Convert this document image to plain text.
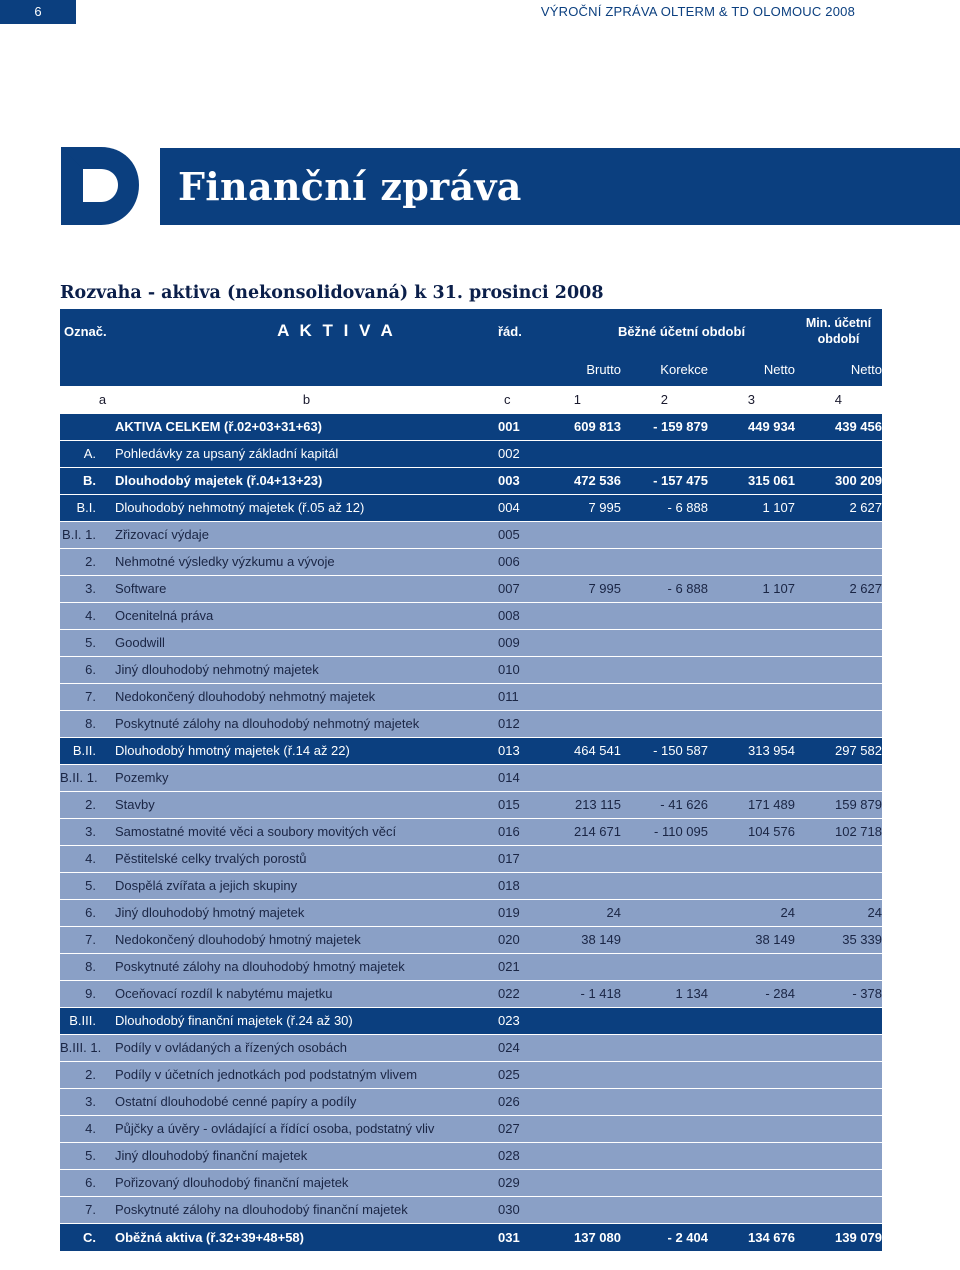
6	VÝROČNÍ ZPRÁVA OLTERM & TD OLOMOUC 2008
Finanční zpráva
Rozvaha - aktiva (nekonsolidovaná) k 31. prosinci 2008
Označ.	A K T I V A	řád.	Běžné účetní období			Min. účetní období
			Brutto	Korekce	Netto	Netto
a	b	c	1	2	3	4
	AKTIVA CELKEM (ř.02+03+31+63)	001	609 813	- 159 879	449 934	439 456
A.	Pohledávky za upsaný základní kapitál	002				
B.	Dlouhodobý majetek (ř.04+13+23)	003	472 536	- 157 475	315 061	300 209
B.I.	Dlouhodobý nehmotný majetek (ř.05 až 12)	004	7 995	- 6 888	1 107	2 627
B.I. 1.	Zřizovací výdaje	005				
2.	Nehmotné výsledky výzkumu a vývoje	006				
3.	Software	007	7 995	- 6 888	1 107	2 627
4.	Ocenitelná práva	008				
5.	Goodwill	009				
6.	Jiný dlouhodobý nehmotný majetek	010				
7.	Nedokončený dlouhodobý nehmotný majetek	011				
8.	Poskytnuté zálohy na dlouhodobý nehmotný majetek	012				
B.II.	Dlouhodobý hmotný majetek (ř.14 až 22)	013	464 541	- 150 587	313 954	297 582
B.II. 1.	Pozemky	014				
2.	Stavby	015	213 115	- 41 626	171 489	159 879
3.	Samostatné movité věci a soubory movitých věcí	016	214 671	- 110 095	104 576	102 718
4.	Pěstitelské celky trvalých porostů	017				
5.	Dospělá zvířata a jejich skupiny	018				
6.	Jiný dlouhodobý hmotný majetek	019	24		24	24
7.	Nedokončený dlouhodobý hmotný majetek	020	38 149		38 149	35 339
8.	Poskytnuté zálohy na dlouhodobý hmotný majetek	021				
9.	Oceňovací rozdíl k nabytému majetku	022	- 1 418	1 134	- 284	- 378
B.III.	Dlouhodobý finanční majetek (ř.24 až 30)	023				
B.III. 1.	Podíly v ovládaných a řízených osobách	024				
2.	Podíly v účetních jednotkách pod podstatným vlivem	025				
3.	Ostatní dlouhodobé cenné papíry a podíly	026				
4.	Půjčky a úvěry - ovládající a řídící osoba, podstatný vliv	027				
5.	Jiný dlouhodobý finanční majetek	028				
6.	Pořizovaný dlouhodobý finanční majetek	029				
7.	Poskytnuté zálohy na dlouhodobý finanční majetek	030				
C.	Oběžná aktiva (ř.32+39+48+58)	031	137 080	- 2 404	134 676	139 079
